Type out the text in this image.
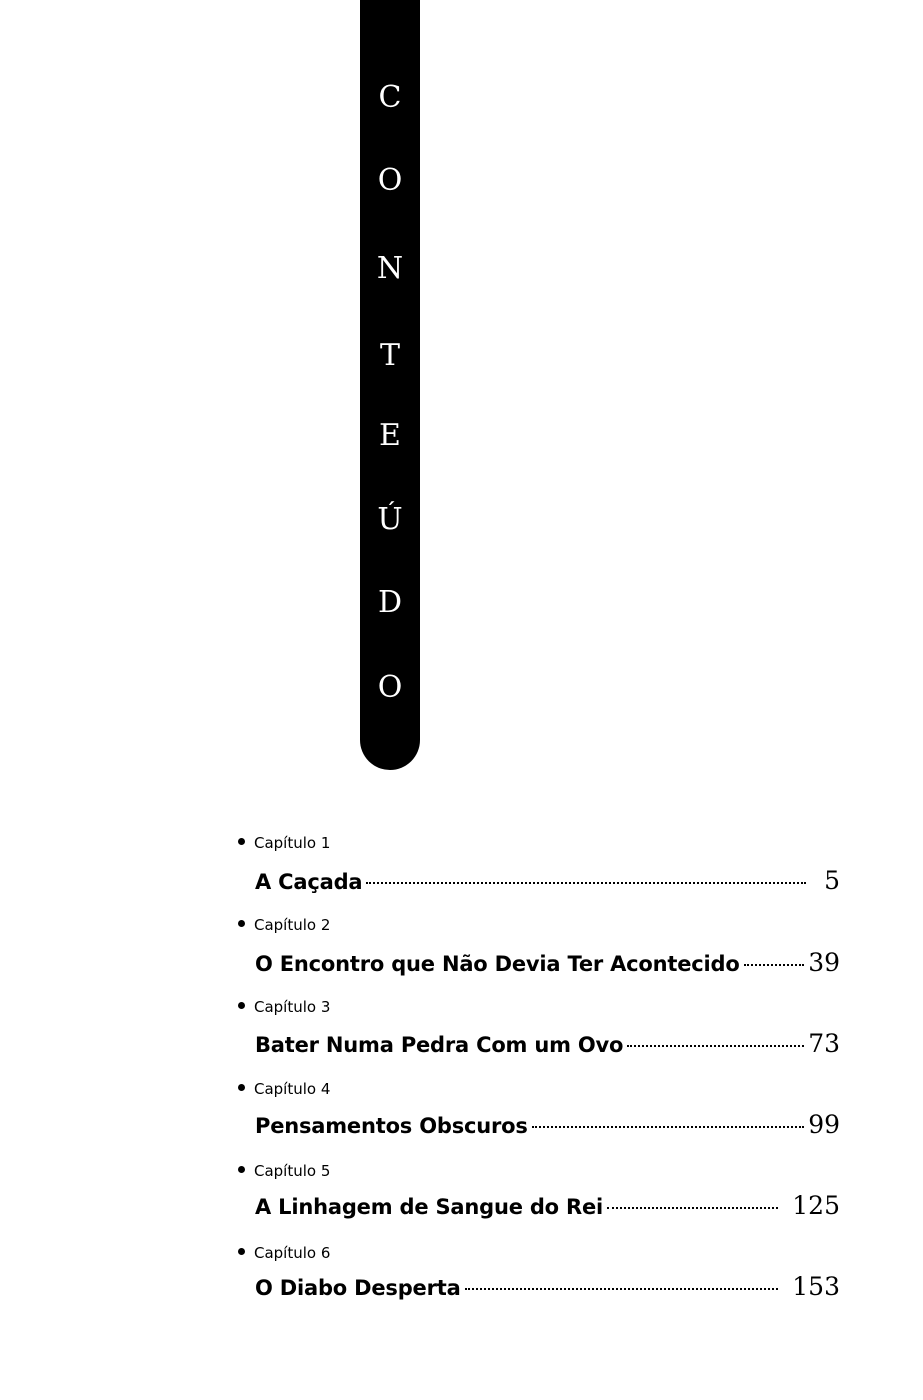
C
O
N
T
E
Ú
D
O
Capítulo 1
A Caçada	5
Capítulo 2
O Encontro que Não Devia Ter Acontecido	39
Capítulo 3
Bater Numa Pedra Com um Ovo	73
Capítulo 4
Pensamentos Obscuros	99
Capítulo 5
A Linhagem de Sangue do Rei	125
Capítulo 6
O Diabo Desperta	153
